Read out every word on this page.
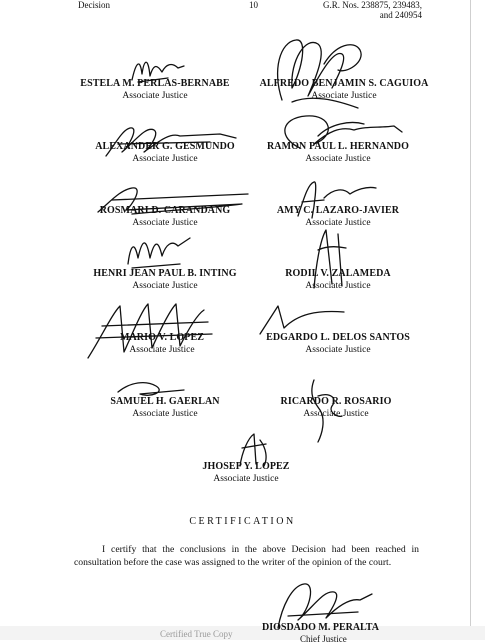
Decision	10	G.R. Nos. 238875, 239483,
and 240954
ESTELA M. PERLAS-BERNABE
Associate Justice
ALFREDO BENJAMIN S. CAGUIOA
Associate Justice
ALEXANDER G. GESMUNDO
Associate Justice
RAMON PAUL L. HERNANDO
Associate Justice
ROSMARI D. CARANDANG
Associate Justice
AMY C. LAZARO-JAVIER
Associate Justice
HENRI JEAN PAUL B. INTING
Associate Justice
RODIL V. ZALAMEDA
Associate Justice
MARIO V. LOPEZ
Associate Justice
EDGARDO L. DELOS SANTOS
Associate Justice
SAMUEL H. GAERLAN
Associate Justice
RICARDO R. ROSARIO
Associate Justice
JHOSEP Y. LOPEZ
Associate Justice
CERTIFICATION
I certify that the conclusions in the above Decision had been reached in consultation before the case was assigned to the writer of the opinion of the court.
Certified True Copy
DIOSDADO M. PERALTA
Chief Justice
